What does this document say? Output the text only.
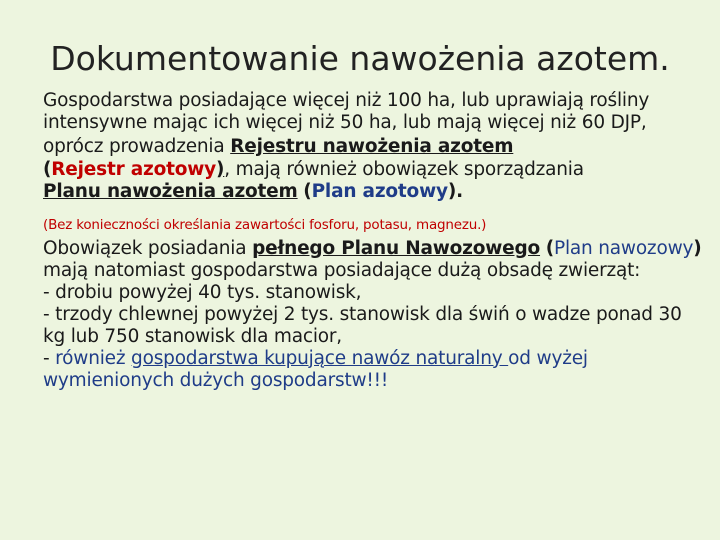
Dokumentowanie nawożenia azotem.

Gospodarstwa posiadające więcej niż 100 ha, lub uprawiają rośliny intensywne mając ich więcej niż 50 ha, lub mają więcej niż 60 DJP,

oprócz prowadzenia Rejestru nawożenia azotem
(Rejestr azotowy), mają również obowiązek sporządzania
Planu nawożenia azotem (Plan azotowy).

(Bez konieczności określania zawartości fosforu, potasu, magnezu.)

Obowiązek posiadania pełnego Planu Nawozowego (Plan nawozowy) mają natomiast gospodarstwa posiadające dużą obsadę zwierząt:
- drobiu powyżej 40 tys. stanowisk,
- trzody chlewnej powyżej 2 tys. stanowisk dla świń o wadze ponad 30 kg lub 750 stanowisk dla macior,
- również gospodarstwa kupujące nawóz naturalny od wyżej wymienionych dużych gospodarstw!!!
